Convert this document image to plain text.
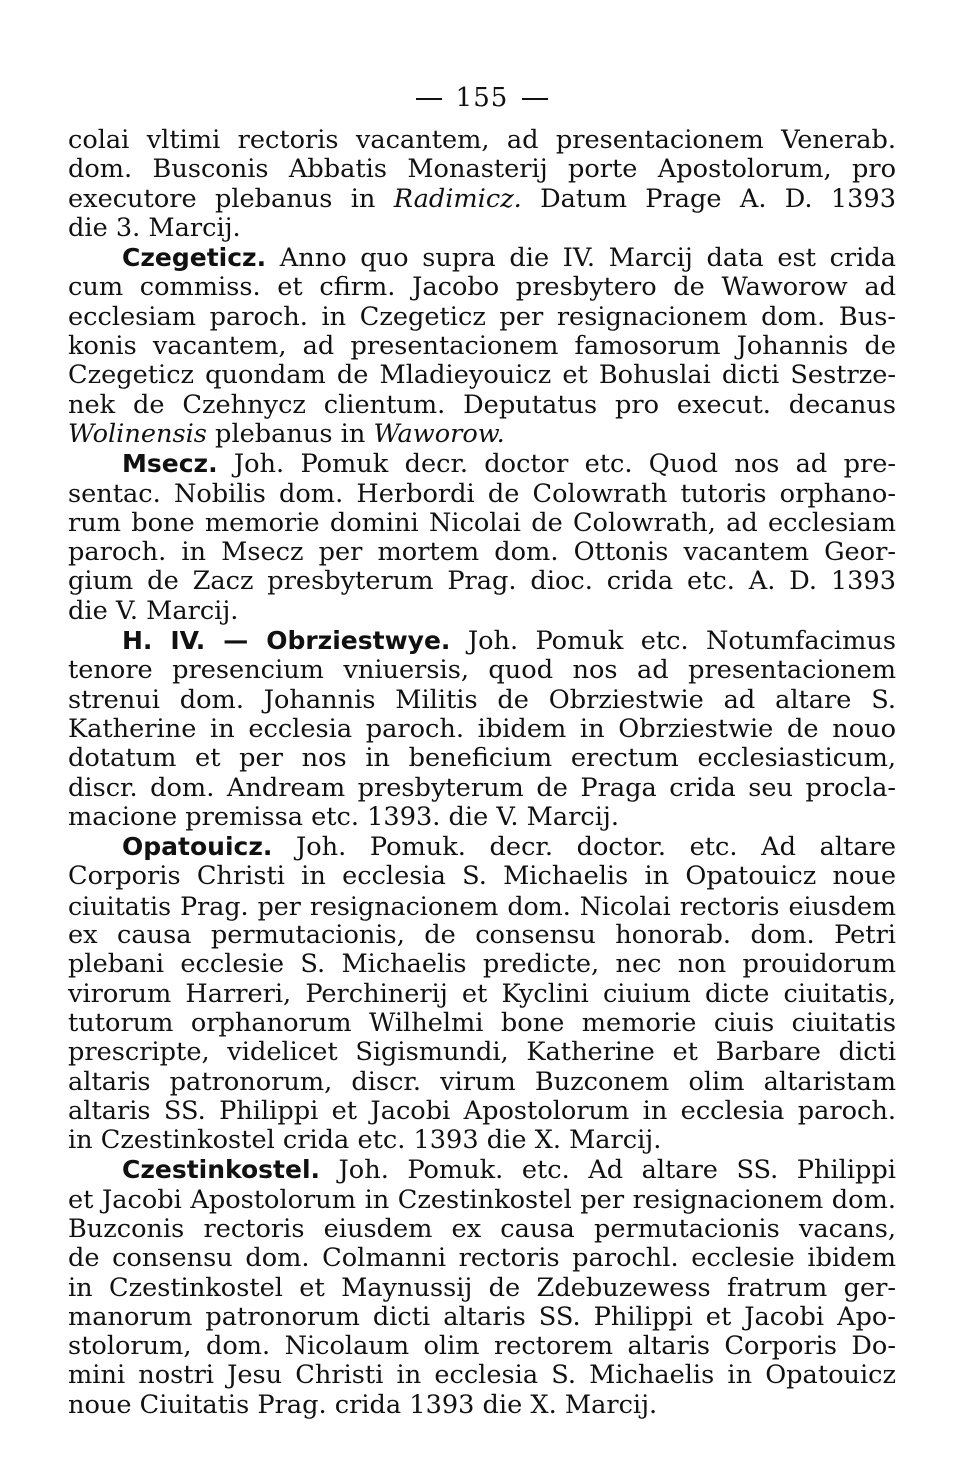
155
colai vltimi rectoris vacantem, ad presentacionem Venerab.
dom. Busconis Abbatis Monasterij porte Apostolorum, pro
executore plebanus in Radimicz. Datum Prage A. D. 1393
die 3. Marcij.
Czegeticz. Anno quo supra die IV. Marcij data est crida
cum commiss. et cfirm. Jacobo presbytero de Waworow ad
ecclesiam paroch. in Czegeticz per resignacionem dom. Bus-
konis vacantem, ad presentacionem famosorum Johannis de
Czegeticz quondam de Mladieyouicz et Bohuslai dicti Sestrze-
nek de Czehnycz clientum. Deputatus pro execut. decanus
Wolinensis plebanus in Waworow.
Msecz. Joh. Pomuk decr. doctor etc. Quod nos ad pre-
sentac. Nobilis dom. Herbordi de Colowrath tutoris orphano-
rum bone memorie domini Nicolai de Colowrath, ad ecclesiam
paroch. in Msecz per mortem dom. Ottonis vacantem Geor-
gium de Zacz presbyterum Prag. dioc. crida etc. A. D. 1393
die V. Marcij.
H. IV. — Obrziestwye. Joh. Pomuk etc. Notumfacimus
tenore presencium vniuersis, quod nos ad presentacionem
strenui dom. Johannis Militis de Obrziestwie ad altare S.
Katherine in ecclesia paroch. ibidem in Obrziestwie de nouo
dotatum et per nos in beneficium erectum ecclesiasticum,
discr. dom. Andream presbyterum de Praga crida seu procla-
macione premissa etc. 1393. die V. Marcij.
Opatouicz. Joh. Pomuk. decr. doctor. etc. Ad altare
Corporis Christi in ecclesia S. Michaelis in Opatouicz noue
ciuitatis Prag. per resignacionem dom. Nicolai rectoris eiusdem
ex causa permutacionis, de consensu honorab. dom. Petri
plebani ecclesie S. Michaelis predicte, nec non prouidorum
virorum Harreri, Perchinerij et Kyclini ciuium dicte ciuitatis,
tutorum orphanorum Wilhelmi bone memorie ciuis ciuitatis
prescripte, videlicet Sigismundi, Katherine et Barbare dicti
altaris patronorum, discr. virum Buzconem olim altaristam
altaris SS. Philippi et Jacobi Apostolorum in ecclesia paroch.
in Czestinkostel crida etc. 1393 die X. Marcij.
Czestinkostel. Joh. Pomuk. etc. Ad altare SS. Philippi
et Jacobi Apostolorum in Czestinkostel per resignacionem dom.
Buzconis rectoris eiusdem ex causa permutacionis vacans,
de consensu dom. Colmanni rectoris parochl. ecclesie ibidem
in Czestinkostel et Maynussij de Zdebuzewess fratrum ger-
manorum patronorum dicti altaris SS. Philippi et Jacobi Apo-
stolorum, dom. Nicolaum olim rectorem altaris Corporis Do-
mini nostri Jesu Christi in ecclesia S. Michaelis in Opatouicz
noue Ciuitatis Prag. crida 1393 die X. Marcij.
